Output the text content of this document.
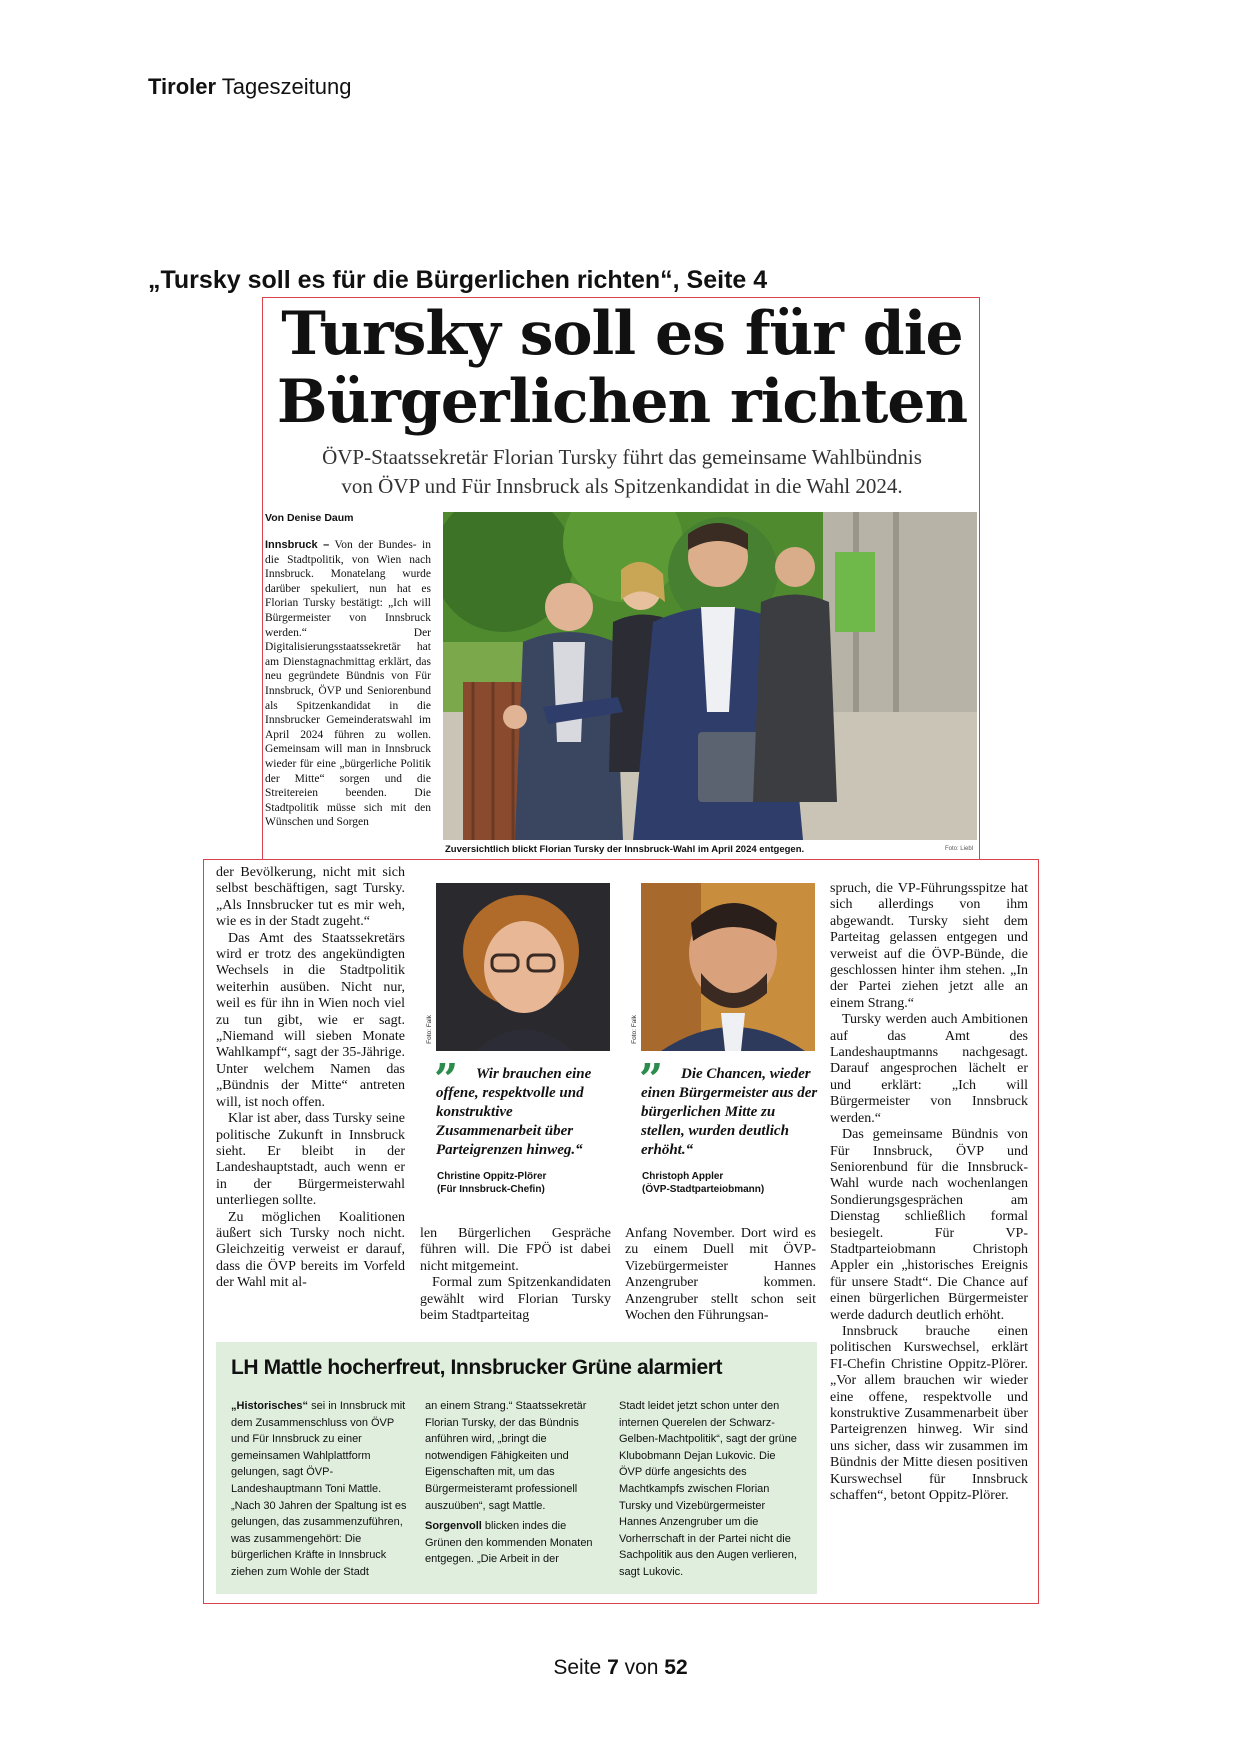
Tiroler Tageszeitung
„Tursky soll es für die Bürgerlichen richten“, Seite 4
Tursky soll es für die
Bürgerlichen richten
ÖVP-Staatssekretär Florian Tursky führt das gemeinsame Wahlbündnis
von ÖVP und Für Innsbruck als Spitzenkandidat in die Wahl 2024.
Von Denise Daum
Innsbruck – Von der Bundes- in die Stadtpolitik, von Wien nach Innsbruck. Monatelang wurde darüber spekuliert, nun hat es Florian Tursky bestätigt: „Ich will Bürgermeister von Innsbruck werden.“ Der Digitalisierungsstaatssekretär hat am Dienstagnachmittag erklärt, das neu gegründete Bündnis von Für Innsbruck, ÖVP und Seniorenbund als Spitzenkandidat in die Innsbrucker Gemeinderatswahl im April 2024 führen zu wollen. Gemeinsam will man in Innsbruck wieder für eine „bürgerliche Politik der Mitte“ sorgen und die Streitereien beenden. Die Stadtpolitik müsse sich mit den Wünschen und Sorgen
Zuversichtlich blickt Florian Tursky der Innsbruck-Wahl im April 2024 entgegen.	Foto: Liebl

der Bevölkerung, nicht mit sich selbst beschäftigen, sagt Tursky. „Als Innsbrucker tut es mir weh, wie es in der Stadt zugeht.“

Das Amt des Staatssekretärs wird er trotz des angekündigten Wechsels in die Stadtpolitik weiterhin ausüben. Nicht nur, weil es für ihn in Wien noch viel zu tun gibt, wie er sagt. „Niemand will sieben Monate Wahlkampf“, sagt der 35-Jährige. Unter welchem Namen das „Bündnis der Mitte“ antreten will, ist noch offen.

Klar ist aber, dass Tursky seine politische Zukunft in Innsbruck sieht. Er bleibt in der Landeshauptstadt, auch wenn er in der Bürgermeisterwahl unterliegen sollte.

Zu möglichen Koalitionen äußert sich Tursky noch nicht. Gleichzeitig verweist er darauf, dass die ÖVP bereits im Vorfeld der Wahl mit al-

Foto: Falk
”	Wir brauchen eine offene, respektvolle und konstruktive Zusammenarbeit über Parteigrenzen hinweg.“
Christine Oppitz-Plörer
(Für Innsbruck-Chefin)
Foto: Falk
”	Die Chancen, wieder einen Bürgermeister aus der bürgerlichen Mitte zu stellen, wurden deutlich erhöht.“
Christoph Appler
(ÖVP-Stadtparteiobmann)

len Bürgerlichen Gespräche führen will. Die FPÖ ist dabei nicht mitgemeint.

Formal zum Spitzenkandidaten gewählt wird Florian Tursky beim Stadtparteitag

Anfang November. Dort wird es zu einem Duell mit ÖVP-Vizebürgermeister Hannes Anzengruber kommen. Anzengruber stellt schon seit Wochen den Führungsan-

spruch, die VP-Führungsspitze hat sich allerdings von ihm abgewandt. Tursky sieht dem Parteitag gelassen entgegen und verweist auf die ÖVP-Bünde, die geschlossen hinter ihm stehen. „In der Partei ziehen jetzt alle an einem Strang.“

Tursky werden auch Ambitionen auf das Amt des Landeshauptmanns nachgesagt. Darauf angesprochen lächelt er und erklärt: „Ich will Bürgermeister von Innsbruck werden.“

Das gemeinsame Bündnis von Für Innsbruck, ÖVP und Seniorenbund für die Innsbruck-Wahl wurde nach wochenlangen Sondierungsgesprächen am Dienstag schließlich formal besiegelt. Für VP-Stadtparteiobmann Christoph Appler ein „historisches Ereignis für unsere Stadt“. Die Chance auf einen bürgerlichen Bürgermeister werde dadurch deutlich erhöht.

Innsbruck brauche einen politischen Kurswechsel, erklärt FI-Chefin Christine Oppitz-Plörer. „Vor allem brauchen wir wieder eine offene, respektvolle und konstruktive Zusammenarbeit über Parteigrenzen hinweg. Wir sind uns sicher, dass wir zusammen im Bündnis der Mitte diesen positiven Kurswechsel für Innsbruck schaffen“, betont Oppitz-Plörer.

LH Mattle hocherfreut, Innsbrucker Grüne alarmiert
„Historisches“ sei in Innsbruck mit dem Zusammenschluss von ÖVP und Für Innsbruck zu einer gemeinsamen Wahlplattform gelungen, sagt ÖVP-Landeshauptmann Toni Mattle. „Nach 30 Jahren der Spaltung ist es gelungen, das zusammenzuführen, was zusammengehört: Die bürgerlichen Kräfte in Innsbruck ziehen zum Wohle der Stadt
an einem Strang.“ Staatssekretär Florian Tursky, der das Bündnis anführen wird, „bringt die notwendigen Fähigkeiten und Eigenschaften mit, um das Bürgermeisteramt professionell auszuüben“, sagt Mattle.
Sorgenvoll blicken indes die Grünen den kommenden Monaten entgegen. „Die Arbeit in der
Stadt leidet jetzt schon unter den internen Querelen der Schwarz-Gelben-Machtpolitik“, sagt der grüne Klubobmann Dejan Lukovic. Die ÖVP dürfe angesichts des Machtkampfs zwischen Florian Tursky und Vizebürgermeister Hannes Anzengruber um die Vorherrschaft in der Partei nicht die Sachpolitik aus den Augen verlieren, sagt Lukovic.
Seite 7 von 52
